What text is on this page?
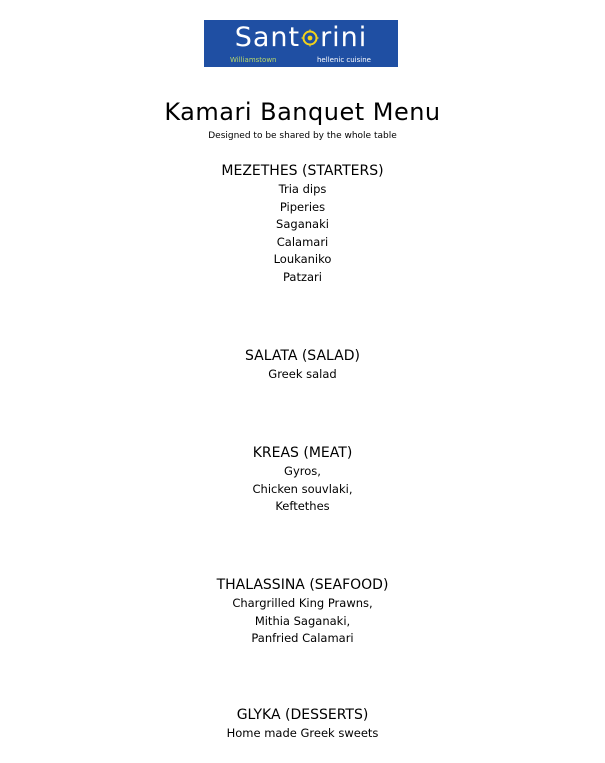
Sant rini
Williamstown	hellenic cuisine
Kamari Banquet Menu
Designed to be shared by the whole table
MEZETHES (STARTERS)
Tria dips
Piperies
Saganaki
Calamari
Loukaniko
Patzari
SALATA (SALAD)
Greek salad
KREAS (MEAT)
Gyros,
Chicken souvlaki,
Keftethes
THALASSINA (SEAFOOD)
Chargrilled King Prawns,
Mithia Saganaki,
Panfried Calamari
GLYKA (DESSERTS)
Home made Greek sweets
